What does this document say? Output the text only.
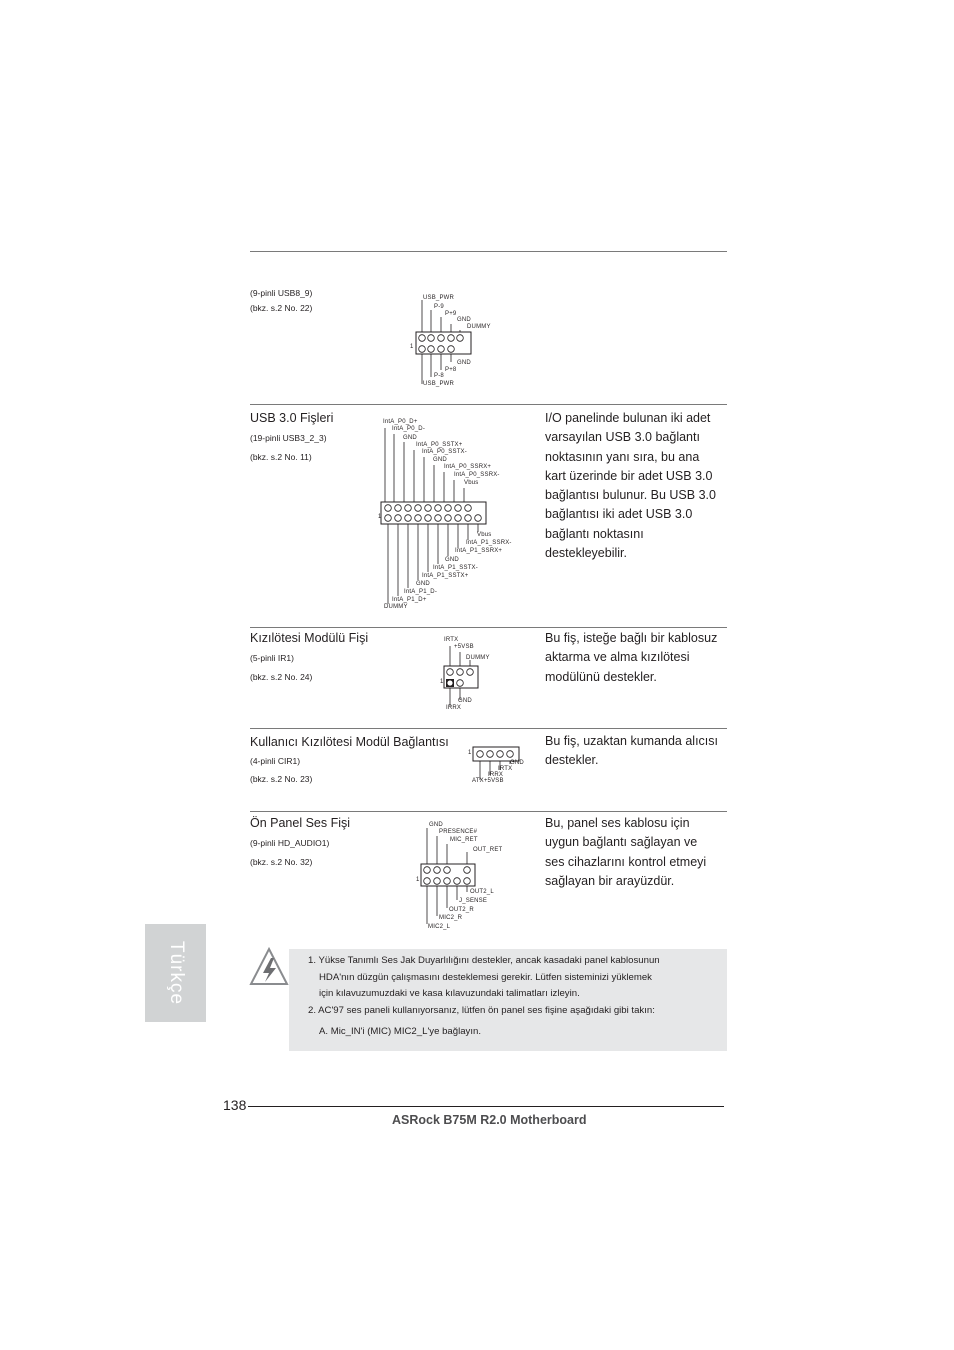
(9-pinli USB8_9)
(bkz. s.2 No. 22)
USB_PWR
P-9
P+9
GND
DUMMY
1
GND
P+8
P-8
USB_PWR
USB 3.0 Fişleri
(19-pinli USB3_2_3)
(bkz. s.2 No. 11)
IntA_P0_D+
IntA_P0_D-
GND
IntA_P0_SSTX+
IntA_P0_SSTX-
GND
IntA_P0_SSRX+
IntA_P0_SSRX-
Vbus
1
Vbus
IntA_P1_SSRX-
IntA_P1_SSRX+
GND
IntA_P1_SSTX-
IntA_P1_SSTX+
GND
IntA_P1_D-
IntA_P1_D+
DUMMY
I/O panelinde bulunan iki adet
varsayılan USB 3.0 bağlantı
noktasının yanı sıra, bu ana
kart üzerinde bir adet USB 3.0
bağlantısı bulunur. Bu USB 3.0
bağlantısı iki adet USB 3.0
bağlantı noktasını
destekleyebilir.
Kızılötesi Modülü Fişi
(5-pinli IR1)
(bkz. s.2 No. 24)
IRTX
+5VSB
DUMMY
1
GND
IRRX
Bu fiş, isteğe bağlı bir kablosuz
aktarma ve alma kızılötesi
modülünü destekler.
Kullanıcı Kızılötesi Modül Bağlantısı
(4-pinli CIR1)
(bkz. s.2 No. 23)
1
GND
IRTX
IRRX
ATX+5VSB
Bu fiş, uzaktan kumanda alıcısı
destekler.
Ön Panel Ses Fişi
(9-pinli HD_AUDIO1)
(bkz. s.2 No. 32)
GND
PRESENCE#
MIC_RET
OUT_RET
1
OUT2_L
J_SENSE
OUT2_R
MIC2_R
MIC2_L
Bu, panel ses kablosu için
uygun bağlantı sağlayan ve
ses cihazlarını kontrol etmeyi
sağlayan bir arayüzdür.
Türkçe	1. Yükse Tanımlı Ses Jak Duyarlılığını destekler, ancak kasadaki panel kablosunun
HDA'nın düzgün çalışmasını desteklemesi gerekir. Lütfen sisteminizi yüklemek
için kılavuzumuzdaki ve kasa kılavuzundaki talimatları izleyin.
2. AC'97 ses paneli kullanıyorsanız, lütfen ön panel ses fişine aşağıdaki gibi takın:
A. Mic_IN'i (MIC) MIC2_L'ye bağlayın.
138
ASRock B75M R2.0 Motherboard
